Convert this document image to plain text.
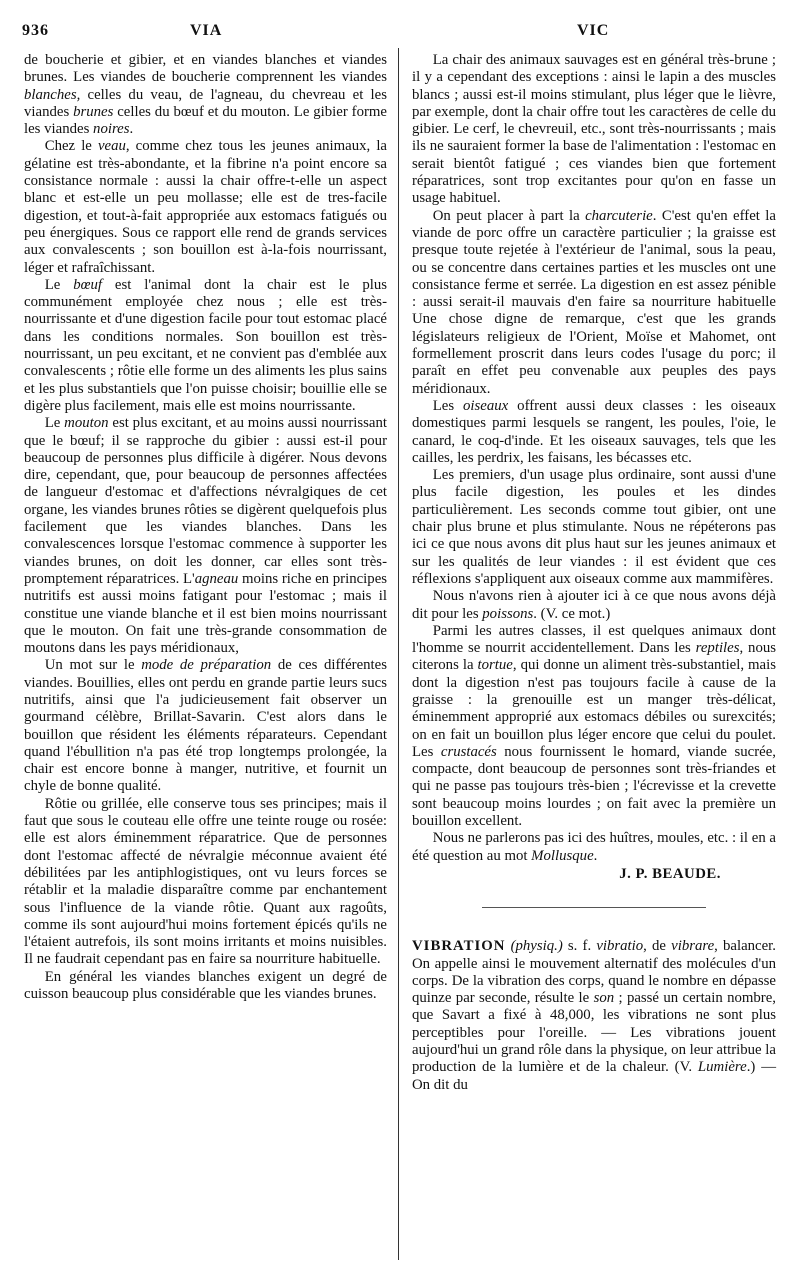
936	VIA	VIC

de boucherie et gibier, et en viandes blanches et viandes brunes. Les viandes de boucherie comprennent les viandes blanches, celles du veau, de l'agneau, du chevreau et les viandes brunes celles du bœuf et du mouton. Le gibier forme les viandes noires.

Chez le veau, comme chez tous les jeunes animaux, la gélatine est très-abondante, et la fibrine n'a point encore sa consistance normale : aussi la chair offre-t-elle un aspect blanc et est-elle un peu mollasse; elle est de tres-facile digestion, et tout-à-fait appropriée aux estomacs fatigués ou peu énergiques. Sous ce rapport elle rend de grands services aux convalescents ; son bouillon est à-la-fois nourrissant, léger et rafraîchissant.

Le bœuf est l'animal dont la chair est le plus communément employée chez nous ; elle est très-nourrissante et d'une digestion facile pour tout estomac placé dans les conditions normales. Son bouillon est très-nourrissant, un peu excitant, et ne convient pas d'emblée aux convalescents ; rôtie elle forme un des aliments les plus sains et les plus substantiels que l'on puisse choisir; bouillie elle se digère plus facilement, mais elle est moins nourrissante.

Le mouton est plus excitant, et au moins aussi nourrissant que le bœuf; il se rapproche du gibier : aussi est-il pour beaucoup de personnes plus difficile à digérer. Nous devons dire, cependant, que, pour beaucoup de personnes affectées de langueur d'estomac et d'affections névralgiques de cet organe, les viandes brunes rôties se digèrent quelquefois plus facilement que les viandes blanches. Dans les convalescences lorsque l'estomac commence à supporter les viandes brunes, on doit les donner, car elles sont très-promptement réparatrices. L'agneau moins riche en principes nutritifs est aussi moins fatigant pour l'estomac ; mais il constitue une viande blanche et il est bien moins nourrissant que le mouton. On fait une très-grande consommation de moutons dans les pays méridionaux,

Un mot sur le mode de préparation de ces différentes viandes. Bouillies, elles ont perdu en grande partie leurs sucs nutritifs, ainsi que l'a judicieusement fait observer un gourmand célèbre, Brillat-Savarin. C'est alors dans le bouillon que résident les éléments réparateurs. Cependant quand l'ébullition n'a pas été trop longtemps prolongée, la chair est encore bonne à manger, nutritive, et fournit un chyle de bonne qualité.

Rôtie ou grillée, elle conserve tous ses principes; mais il faut que sous le couteau elle offre une teinte rouge ou rosée: elle est alors éminemment réparatrice. Que de personnes dont l'estomac affecté de névralgie méconnue avaient été débilitées par les antiphlogistiques, ont vu leurs forces se rétablir et la maladie disparaître comme par enchantement sous l'influence de la viande rôtie. Quant aux ragoûts, comme ils sont aujourd'hui moins fortement épicés qu'ils ne l'étaient autrefois, ils sont moins irritants et moins nuisibles. Il ne faudrait cependant pas en faire sa nourriture habituelle.

En général les viandes blanches exigent un degré de cuisson beaucoup plus considérable que les viandes brunes.

La chair des animaux sauvages est en général très-brune ; il y a cependant des exceptions : ainsi le lapin a des muscles blancs ; aussi est-il moins stimulant, plus léger que le lièvre, par exemple, dont la chair offre tout les caractères de celle du gibier. Le cerf, le chevreuil, etc., sont très-nourrissants ; mais ils ne sauraient former la base de l'alimentation : l'estomac en serait bientôt fatigué ; ces viandes bien que fortement réparatrices, sont trop excitantes pour qu'on en fasse un usage habituel.

On peut placer à part la charcuterie. C'est qu'en effet la viande de porc offre un caractère particulier ; la graisse est presque toute rejetée à l'extérieur de l'animal, sous la peau, ou se concentre dans certaines parties et les muscles ont une consistance ferme et serrée. La digestion en est assez pénible : aussi serait-il mauvais d'en faire sa nourriture habituelle Une chose digne de remarque, c'est que les grands législateurs religieux de l'Orient, Moïse et Mahomet, ont formellement proscrit dans leurs codes l'usage du porc; il paraît en effet peu convenable aux peuples des pays méridionaux.

Les oiseaux offrent aussi deux classes : les oiseaux domestiques parmi lesquels se rangent, les poules, l'oie, le canard, le coq-d'inde. Et les oiseaux sauvages, tels que les cailles, les perdrix, les faisans, les bécasses etc.

Les premiers, d'un usage plus ordinaire, sont aussi d'une plus facile digestion, les poules et les dindes particulièrement. Les seconds comme tout gibier, ont une chair plus brune et plus stimulante. Nous ne répéterons pas ici ce que nous avons dit plus haut sur les jeunes animaux et sur les qualités de leur viandes : il est évident que ces réflexions s'appliquent aux oiseaux comme aux mammifères.

Nous n'avons rien à ajouter ici à ce que nous avons déjà dit pour les poissons. (V. ce mot.)

Parmi les autres classes, il est quelques animaux dont l'homme se nourrit accidentellement. Dans les reptiles, nous citerons la tortue, qui donne un aliment très-substantiel, mais dont la digestion n'est pas toujours facile à cause de la graisse : la grenouille est un manger très-délicat, éminemment approprié aux estomacs débiles ou surexcités; on en fait un bouillon plus léger encore que celui du poulet. Les crustacés nous fournissent le homard, viande sucrée, compacte, dont beaucoup de personnes sont très-friandes et qui ne passe pas toujours très-bien ; l'écrevisse et la crevette sont beaucoup moins lourdes ; on fait avec la première un bouillon excellent.

Nous ne parlerons pas ici des huîtres, moules, etc. : il en a été question au mot Mollusque.

J. P. BEAUDE.

VIBRATION (physiq.) s. f. vibratio, de vibrare, balancer. On appelle ainsi le mouvement alternatif des molécules d'un corps. De la vibration des corps, quand le nombre en dépasse quinze par seconde, résulte le son ; passé un certain nombre, que Savart a fixé à 48,000, les vibrations ne sont plus perceptibles pour l'oreille. — Les vibrations jouent aujourd'hui un grand rôle dans la physique, on leur attribue la production de la lumière et de la chaleur. (V. Lumière.) — On dit du
